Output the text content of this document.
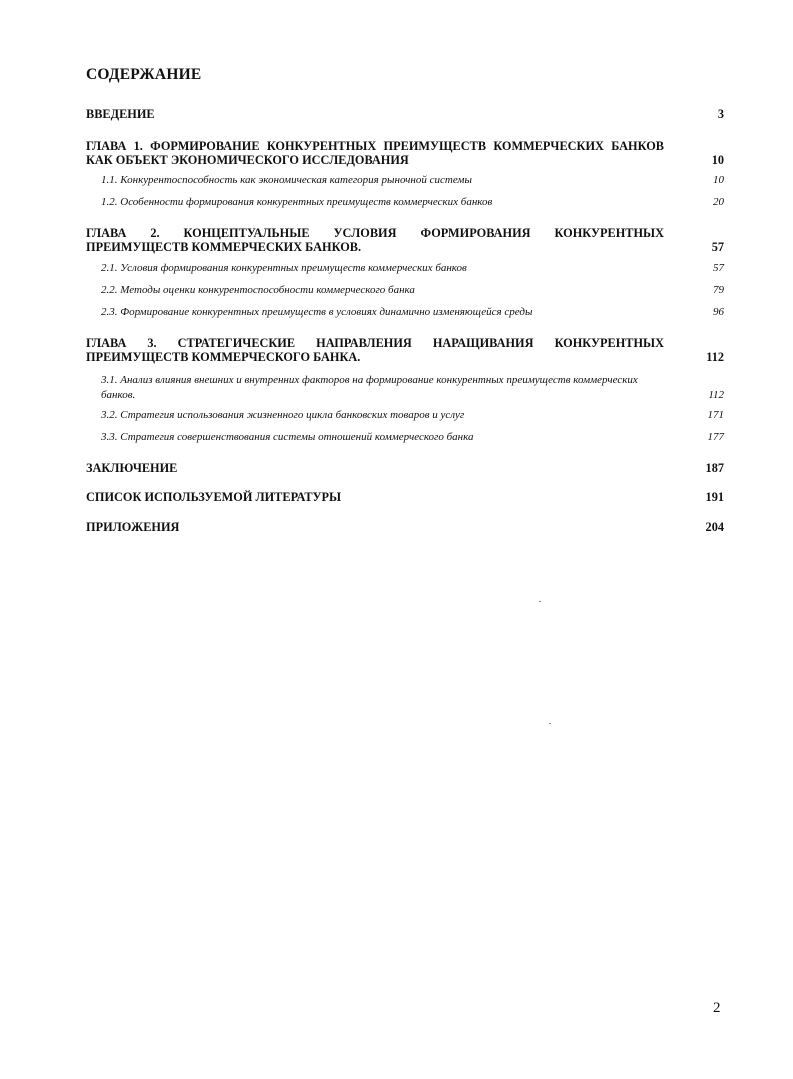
СОДЕРЖАНИЕ
ВВЕДЕНИЕ	3
ГЛАВА 1. ФОРМИРОВАНИЕ КОНКУРЕНТНЫХ ПРЕИМУЩЕСТВ КОММЕРЧЕСКИХ БАНКОВ КАК ОБЪЕКТ ЭКОНОМИЧЕСКОГО ИССЛЕДОВАНИЯ	10
1.1. Конкурентоспособность как экономическая категория рыночной системы	10
1.2. Особенности формирования конкурентных преимуществ коммерческих банков	20
ГЛАВА 2. КОНЦЕПТУАЛЬНЫЕ УСЛОВИЯ ФОРМИРОВАНИЯ КОНКУРЕНТНЫХ ПРЕИМУЩЕСТВ КОММЕРЧЕСКИХ БАНКОВ.	57
2.1. Условия формирования конкурентных преимуществ коммерческих банков	57
2.2. Методы оценки конкурентоспособности коммерческого банка	79
2.3. Формирование конкурентных преимуществ в условиях динамично изменяющейся среды	96
ГЛАВА 3. СТРАТЕГИЧЕСКИЕ НАПРАВЛЕНИЯ НАРАЩИВАНИЯ КОНКУРЕНТНЫХ ПРЕИМУЩЕСТВ КОММЕРЧЕСКОГО БАНКА.	112
3.1. Анализ влияния внешних и внутренних факторов на формирование конкурентных преимуществ коммерческих банков.	112
3.2. Стратегия использования жизненного цикла банковских товаров и услуг	171
3.3. Стратегия совершенствования системы отношений коммерческого банка	177
ЗАКЛЮЧЕНИЕ	187
СПИСОК ИСПОЛЬЗУЕМОЙ ЛИТЕРАТУРЫ	191
ПРИЛОЖЕНИЯ	204
2
